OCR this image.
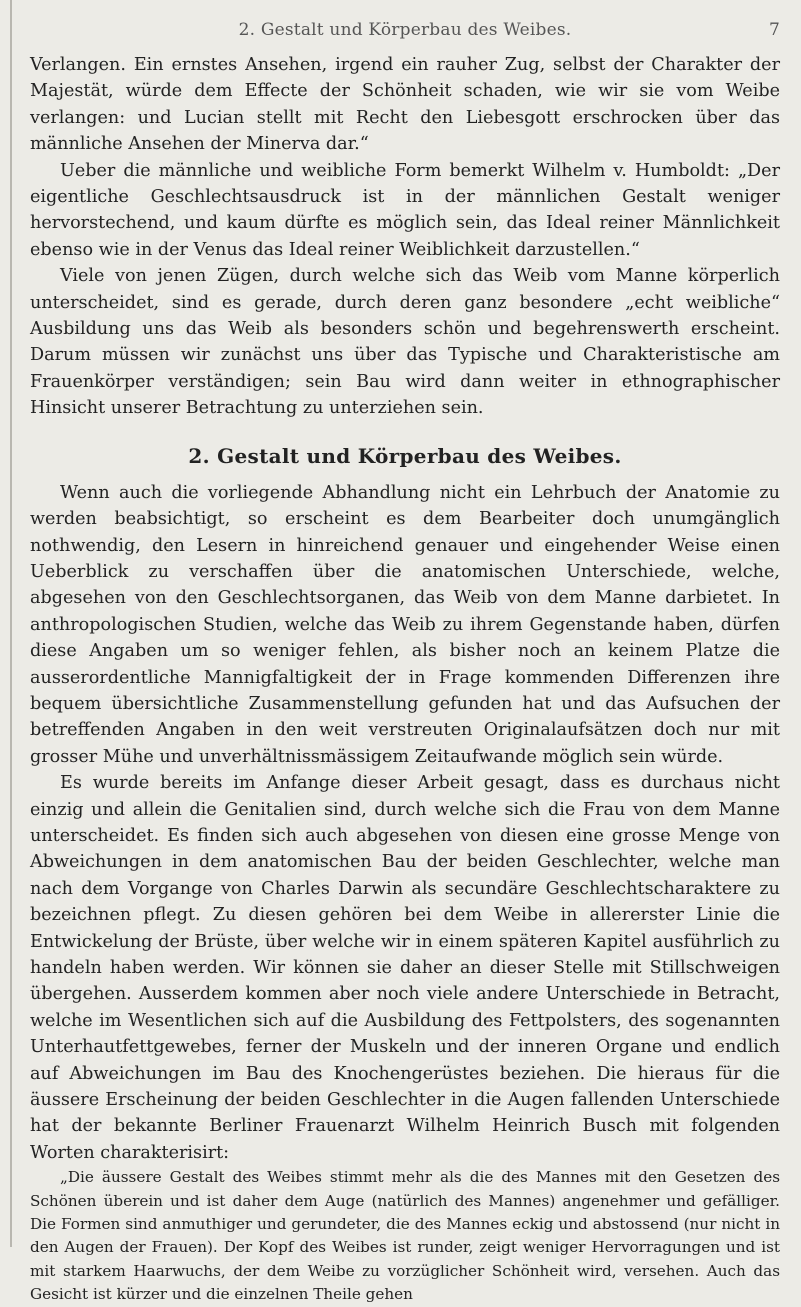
2. Gestalt und Körperbau des Weibes.	7

Verlangen. Ein ernstes Ansehen, irgend ein rauher Zug, selbst der Charakter der Majestät, würde dem Effecte der Schönheit schaden, wie wir sie vom Weibe verlangen: und Lucian stellt mit Recht den Liebesgott erschrocken über das männliche Ansehen der Minerva dar.“

Ueber die männliche und weibliche Form bemerkt Wilhelm v. Humboldt: „Der eigentliche Geschlechtsausdruck ist in der männlichen Gestalt weniger hervorstechend, und kaum dürfte es möglich sein, das Ideal reiner Männlichkeit ebenso wie in der Venus das Ideal reiner Weiblichkeit darzustellen.“

Viele von jenen Zügen, durch welche sich das Weib vom Manne körperlich unterscheidet, sind es gerade, durch deren ganz besondere „echt weibliche“ Ausbildung uns das Weib als besonders schön und begehrenswerth erscheint. Darum müssen wir zunächst uns über das Typische und Charakteristische am Frauenkörper verständigen; sein Bau wird dann weiter in ethnographischer Hinsicht unserer Betrachtung zu unterziehen sein.

2. Gestalt und Körperbau des Weibes.

Wenn auch die vorliegende Abhandlung nicht ein Lehrbuch der Anatomie zu werden beabsichtigt, so erscheint es dem Bearbeiter doch unumgänglich nothwendig, den Lesern in hinreichend genauer und eingehender Weise einen Ueberblick zu verschaffen über die anatomischen Unterschiede, welche, abgesehen von den Geschlechtsorganen, das Weib von dem Manne darbietet. In anthropologischen Studien, welche das Weib zu ihrem Gegenstande haben, dürfen diese Angaben um so weniger fehlen, als bisher noch an keinem Platze die ausserordentliche Mannigfaltigkeit der in Frage kommenden Differenzen ihre bequem übersichtliche Zusammenstellung gefunden hat und das Aufsuchen der betreffenden Angaben in den weit verstreuten Originalaufsätzen doch nur mit grosser Mühe und unverhältnissmässigem Zeitaufwande möglich sein würde.

Es wurde bereits im Anfange dieser Arbeit gesagt, dass es durchaus nicht einzig und allein die Genitalien sind, durch welche sich die Frau von dem Manne unterscheidet. Es finden sich auch abgesehen von diesen eine grosse Menge von Abweichungen in dem anatomischen Bau der beiden Geschlechter, welche man nach dem Vorgange von Charles Darwin als secundäre Geschlechtscharaktere zu bezeichnen pflegt. Zu diesen gehören bei dem Weibe in allererster Linie die Entwickelung der Brüste, über welche wir in einem späteren Kapitel ausführlich zu handeln haben werden. Wir können sie daher an dieser Stelle mit Stillschweigen übergehen. Ausserdem kommen aber noch viele andere Unterschiede in Betracht, welche im Wesentlichen sich auf die Ausbildung des Fettpolsters, des sogenannten Unterhautfettgewebes, ferner der Muskeln und der inneren Organe und endlich auf Abweichungen im Bau des Knochengerüstes beziehen. Die hieraus für die äussere Erscheinung der beiden Geschlechter in die Augen fallenden Unterschiede hat der bekannte Berliner Frauenarzt Wilhelm Heinrich Busch mit folgenden Worten charakterisirt:

„Die äussere Gestalt des Weibes stimmt mehr als die des Mannes mit den Gesetzen des Schönen überein und ist daher dem Auge (natürlich des Mannes) angenehmer und gefälliger. Die Formen sind anmuthiger und gerundeter, die des Mannes eckig und abstossend (nur nicht in den Augen der Frauen). Der Kopf des Weibes ist runder, zeigt weniger Hervorragungen und ist mit starkem Haarwuchs, der dem Weibe zu vorzüglicher Schönheit wird, versehen. Auch das Gesicht ist kürzer und die einzelnen Theile gehen
